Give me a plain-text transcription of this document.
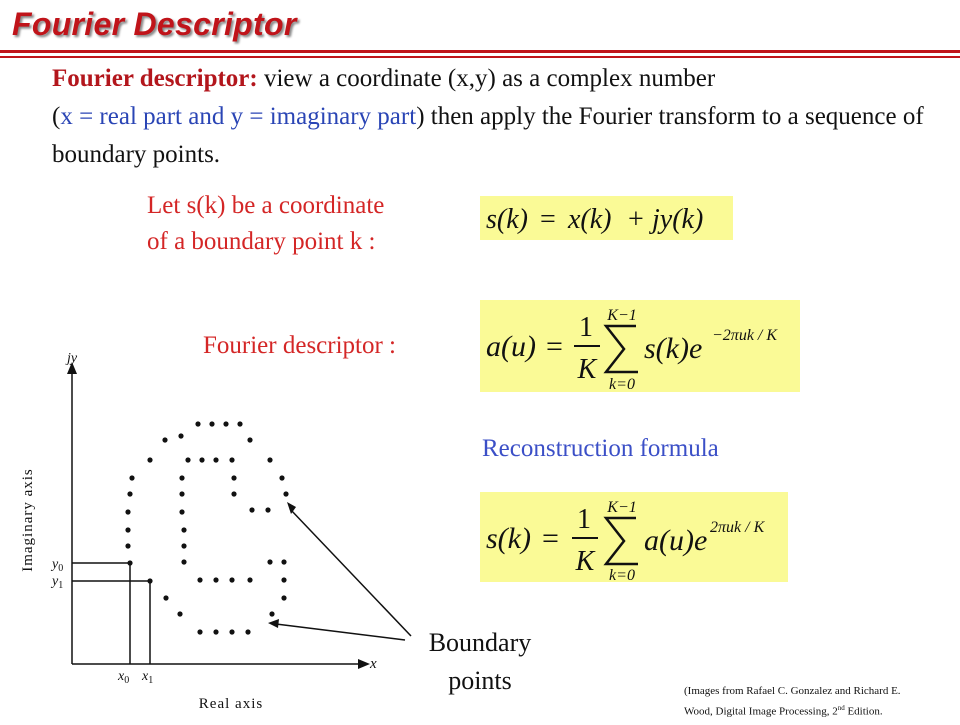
Fourier Descriptor
Fourier descriptor: view a coordinate (x,y) as a complex number
(x = real part and y = imaginary part) then apply the Fourier transform to a sequence of boundary points.
Let s(k) be a coordinate
of a boundary point k :
Fourier descriptor :
Reconstruction formula
s(k) = x(k) + jy(k)
a(u) =
1
K
K−1
k=0
s(k)e −2πuk / K
s(k) =
1
K
K−1
k=0
a(u)e 2πuk / K
jy
x
Imaginary axis
Real axis
$y_0$
$y_1$
$x_0$ $x_1$
Boundary
points	(Images from Rafael C. Gonzalez and Richard E.
Wood, Digital Image Processing, 2nd Edition.
